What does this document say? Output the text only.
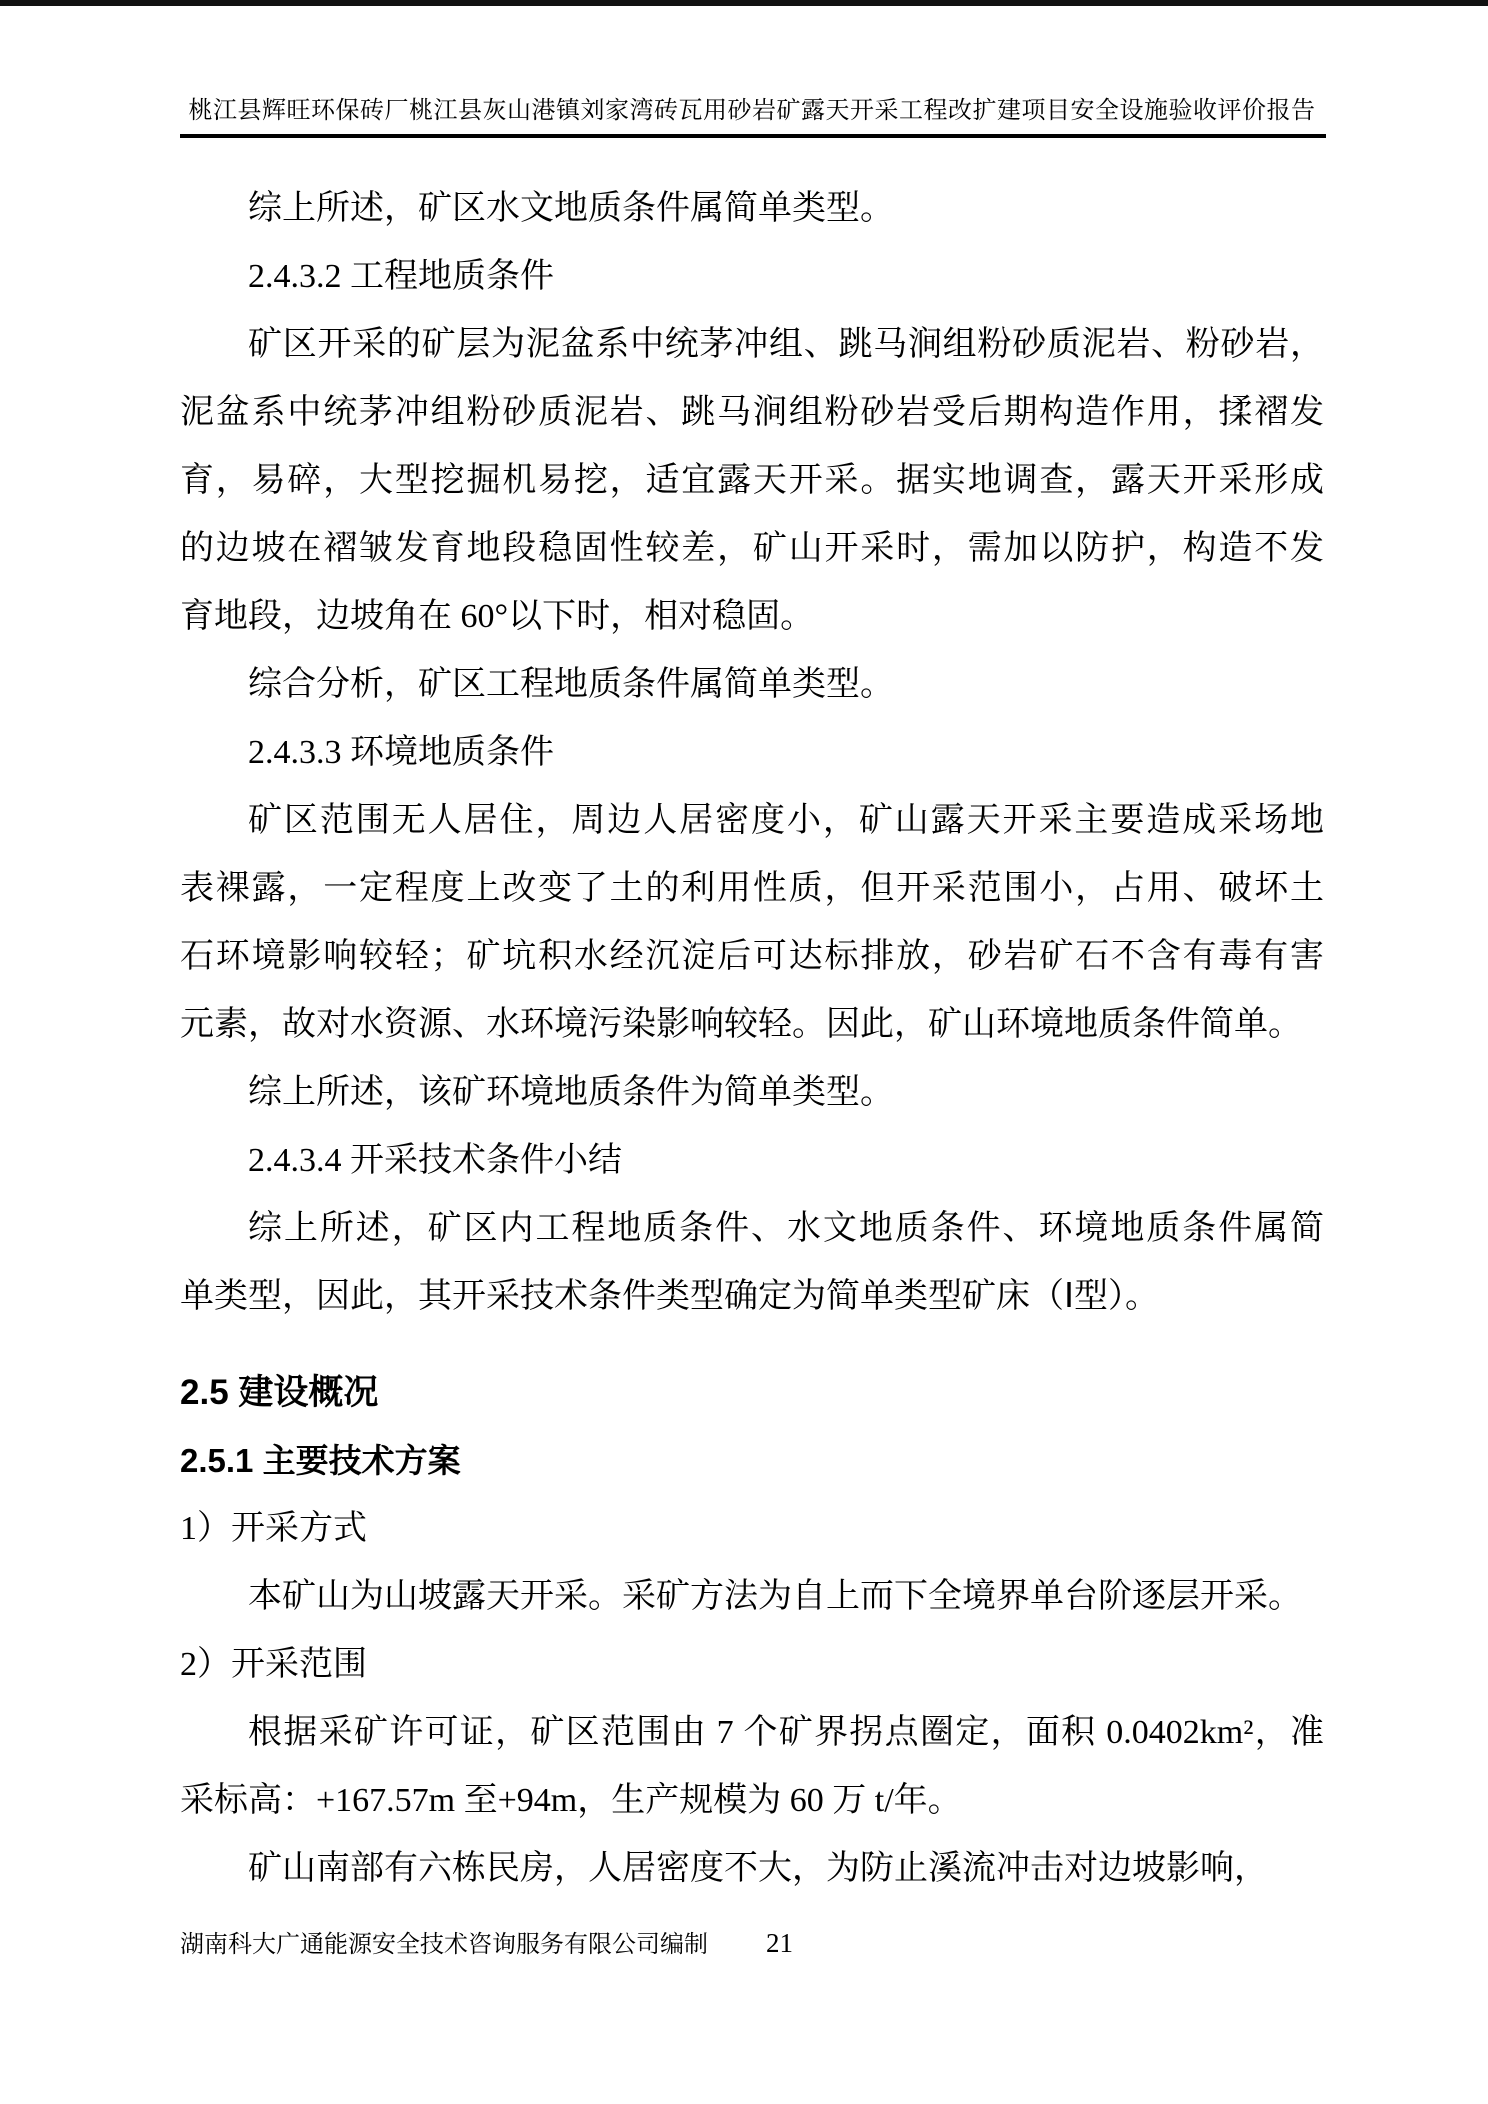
桃江县辉旺环保砖厂桃江县灰山港镇刘家湾砖瓦用砂岩矿露天开采工程改扩建项目安全设施验收评价报告
综上所述，矿区水文地质条件属简单类型。
2.4.3.2 工程地质条件
矿区开采的矿层为泥盆系中统茅冲组、跳马涧组粉砂质泥岩、粉砂岩，
泥盆系中统茅冲组粉砂质泥岩、跳马涧组粉砂岩受后期构造作用，揉褶发
育，易碎，大型挖掘机易挖，适宜露天开采。据实地调查，露天开采形成
的边坡在褶皱发育地段稳固性较差，矿山开采时，需加以防护，构造不发
育地段，边坡角在 60°以下时，相对稳固。
综合分析，矿区工程地质条件属简单类型。
2.4.3.3 环境地质条件
矿区范围无人居住，周边人居密度小，矿山露天开采主要造成采场地
表裸露，一定程度上改变了土的利用性质，但开采范围小，占用、破坏土
石环境影响较轻；矿坑积水经沉淀后可达标排放，砂岩矿石不含有毒有害
元素，故对水资源、水环境污染影响较轻。因此，矿山环境地质条件简单。
综上所述，该矿环境地质条件为简单类型。
2.4.3.4 开采技术条件小结
综上所述，矿区内工程地质条件、水文地质条件、环境地质条件属简
单类型，因此，其开采技术条件类型确定为简单类型矿床（Ⅰ型）。
2.5 建设概况
2.5.1 主要技术方案
1）开采方式
本矿山为山坡露天开采。采矿方法为自上而下全境界单台阶逐层开采。
2）开采范围
根据采矿许可证，矿区范围由 7 个矿界拐点圈定，面积 0.0402km²，准
采标高：+167.57m 至+94m，生产规模为 60 万 t/年。
矿山南部有六栋民房，人居密度不大，为防止溪流冲击对边坡影响，
湖南科大广通能源安全技术咨询服务有限公司编制 21
